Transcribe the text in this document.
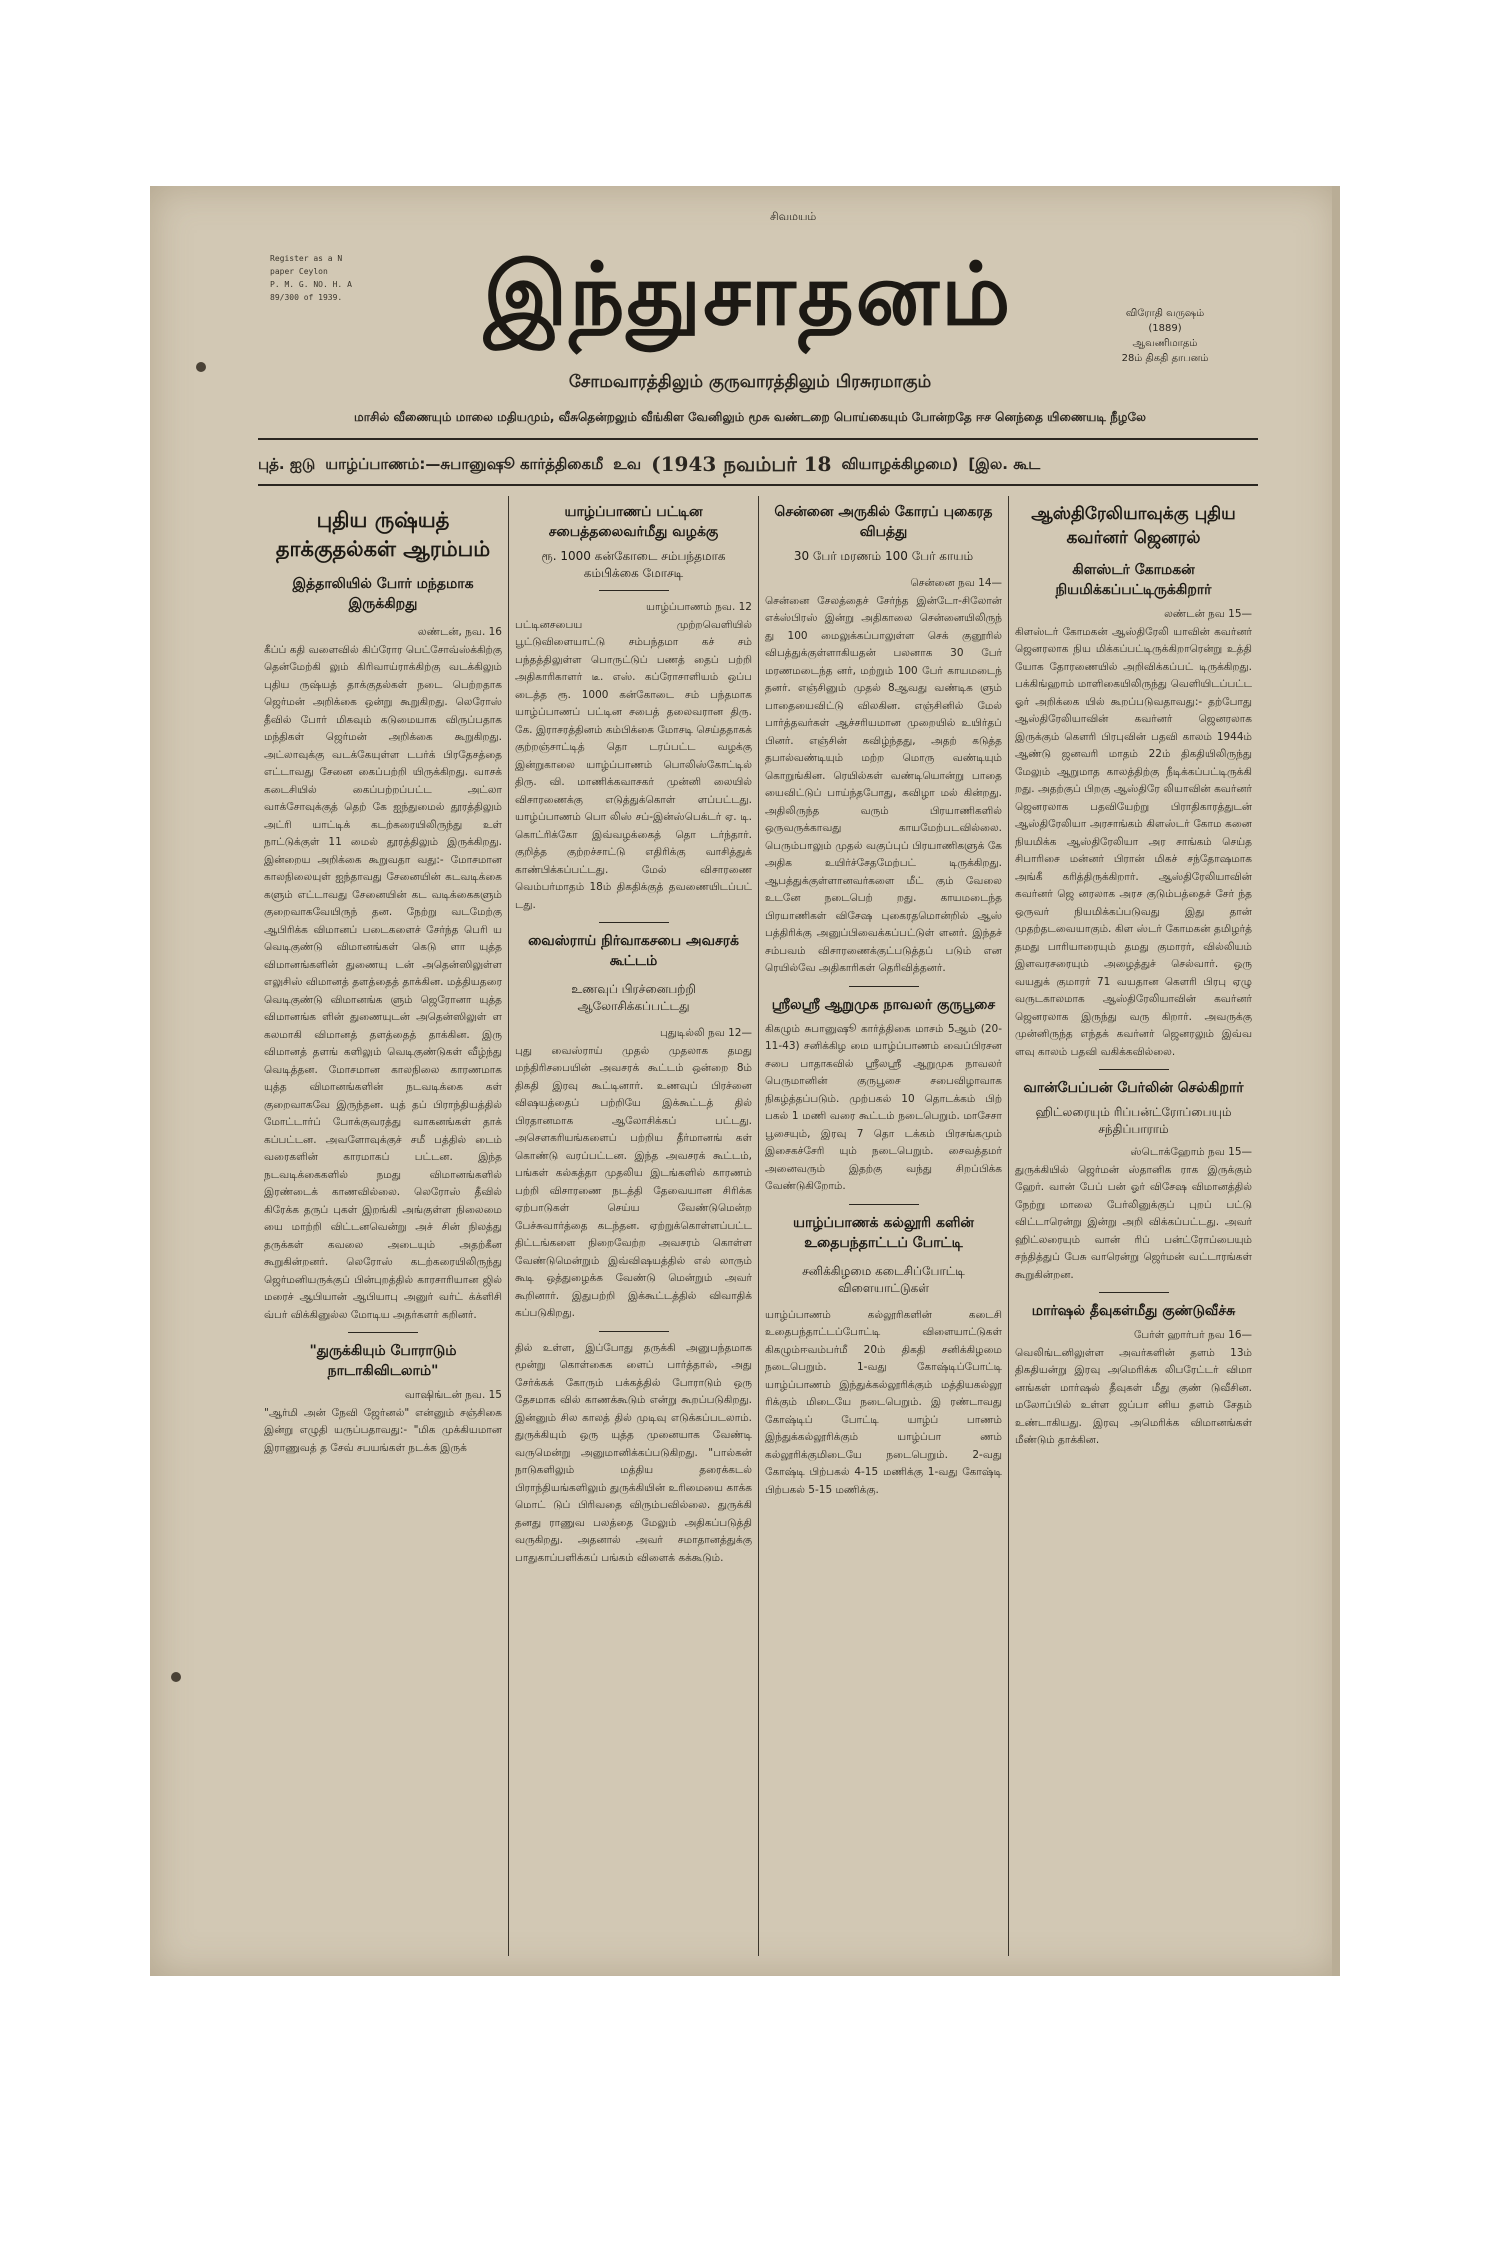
Register as a N
paper Ceylon
P. M. G. NO. H. A
89/300 of 1939.
சிவமயம்
இந்துசாதனம்	விரோதி வருஷம்
(1889)
ஆவணிமாதம்
28ம் திகதி தாபனம்
சோமவாரத்திலும் குருவாரத்திலும் பிரசுரமாகும்
மாசில் வீணையும் மாலை மதியமும், வீசுதென்றலும் வீங்கிள வேனிலும் மூசு வண்டறை பொய்கையும் போன்றதே ஈச னெந்தை யிணையடி நீழலே
புத். ஐடு யாழ்ப்பாணம்:—சுபானுஷூ கார்த்திகைமீ உவ (1943 நவம்பர் 18 வியாழக்கிழமை) [இல. கூட
புதிய ருஷ்யத் தாக்குதல்கள் ஆரம்பம்
இத்தாலியில் போர் மந்தமாக இருக்கிறது
லண்டன், நவ. 16
கீப்ப் கதி வளைவில் கிப்ரோர பெட்சோவ்ஸ்க்கிற்கு தென்மேற்கி லும் கிரிவாய்ராக்கிற்கு வடக்கிலும் புதிய ருஷ்யத் தாக்குதல்கள் நடை பெற்றதாக ஜெர்மன் அறிக்கை ஒன்று கூறுகிறது. லெரோஸ் தீவில் போர் மிகவும் கடுமையாக விருப்பதாக மந்திகள் ஜெர்மன் அறிக்கை கூறுகிறது. அட்லாவுக்கு வடக்கேயுள்ள டபர்க் பிரதேசத்தை எட்டாவது சேனை கைப்பற்றி யிருக்கிறது. வாசக் கடைசியில் கைப்பற்றப்பட்ட அட்லா வாக்சோவுக்குத் தெற் கே ஐந்துமைல் தூரத்திலும் அட்ரி யாட்டிக் கடற்கரையிலிருந்து உள் நாட்டுக்குள் 11 மைல் தூரத்திலும் இருக்கிறது. இன்றைய அறிக்கை கூறுவதா வது:- மோசமான காலநிலையுள் ஐந்தாவது சேனையின் கடவடிக்கை களும் எட்டாவது சேனையின் கட வடிக்கைகளும் குறைவாகவேயிருந் தன. நேற்று வடமேற்கு ஆபிரிக்க விமானப் படைகளைச் சேர்ந்த பெரி ய வெடிகுண்டு விமானங்கள் கெடு ளா யுத்த விமானங்களின் துணையு டன் அதென்ஸிலுள்ள எலுசிஸ் விமானத் தளத்தைத் தாக்கின. மத்தியதரை வெடிகுண்டு விமானங்க ளும் ஜெரோனா யுத்த விமானங்க ளின் துணையுடன் அதென்ஸிலுள் ள கலமாகி விமானத் தளத்தைத் தாக்கின. இரு விமானத் தளங் களிலும் வெடிகுண்டுகள் வீழ்ந்து வெடித்தன. மோசமான காலநிலை காரணமாக யுத்த விமானங்களின் நடவடிக்கை கள் குறைவாகவே இருந்தன. யுத் தப் பிராந்தியத்தில் மோட்டார்ப் போக்குவரத்து வாகனங்கள் தாக் கப்பட்டன. அவளோவுக்குச் சமீ பத்தில் டைம் வரைகளின் காரமாகப் பட்டன. இந்த நடவடிக்கைகளில் நமது விமானங்களில் இரண்டைக் காணவில்லை. லெரோஸ் தீவில் கிரேக்க தருப் புகள் இறங்கி அங்குள்ள நிலைமை யை மாற்றி விட்டனவென்று அச் சின் நிலத்து தருக்கள் கவலை அடையும் அதற்கீன கூறுகின்றனர். லெரோஸ் கடற்கரையிலிருந்து ஜெர்மனியருக்குப் பின்புறத்தில் காரசாரியான ஜில் மரைச் ஆபியான் ஆபியாபு அனுர் வர்ட் க்க்ளிசி வ்பர் விக்கினுல்ல மோடிய அதர்களர் கறினர்.
"துருக்கியும் போராடும் நாடாகிவிடலாம்"
வாஷிங்டன் நவ. 15
"ஆர்மி அன் நேவி ஜேர்னல்" என்னும் சஞ்சிகை இன்று எழுதி யருப்பதாவது:- "மிக முக்கியமான இராணுவத் த சேவ் சபயங்கள் நடக்க இருக்
யாழ்ப்பாணப் பட்டின சபைத்தலைவர்மீது வழக்கு
ரூ. 1000 கன்கோடை சம்பந்தமாக கம்பிக்கை மோசடி
யாழ்ப்பாணம் நவ. 12
பட்டினசபைய முற்றவெளியில் பூட்டுவிளையாட்டு சம்பந்தமா கச் சம் பந்தத்திலுள்ள பொருட்டுப் பணத் தைப் பற்றி அதிகாரிகாளர் டீ. எஸ். கப்ரோசாளியம் ஒப்ப டைத்த ரூ. 1000 கன்கோடை சம் பந்தமாக யாழ்ப்பாணப் பட்டின சபைத் தலைவரான திரு. கே. இராசரத்தினம் கம்பிக்கை மோசடி செய்ததாகக் குற்றஞ்சாட்டித் தொ டரப்பட்ட வழக்கு இன்றுகாலை யாழ்ப்பாணம் பொலிஸ்கோட்டில் திரு. வி. மாணிக்கவாசகர் முன்னி லையில் விசாரணைக்கு எடுத்துக்கொள் ளப்பட்டது. யாழ்ப்பாணம் பொ லிஸ் சப்-இன்ஸ்பெக்டர் ஏ. டி. கொட்ரிக்கோ இவ்வழக்கைத் தொ டர்ந்தார். குறித்த குற்றச்சாட்டு எதிரிக்கு வாசித்துக் காண்பிக்கப்பட்டது. மேல் விசாரணை வெம்பர்மாதம் 18ம் திகதிக்குத் தவணையிடப்பட் டது.
வைஸ்ராய் நிர்வாகசபை அவசரக் கூட்டம்
உணவுப் பிரச்னைபற்றி ஆலோசிக்கப்பட்டது
புதுடில்லி நவ 12—
புது வைஸ்ராய் முதல் முதலாக தமது மந்திரிசபையின் அவசரக் கூட்டம் ஒன்றை 8ம் திகதி இரவு கூட்டினார். உணவுப் பிரச்னை விஷயத்தைப் பற்றியே இக்கூட்டத் தில் பிரதானமாக ஆலோசிக்கப் பட்டது. அசௌகரியங்களைப் பற்றிய தீர்மானங் கள் கொண்டு வரப்பட்டன. இந்த அவசரக் கூட்டம், பங்கள் கல்கத்தா முதலிய இடங்களில் காரணம் பற்றி விசாரணை நடத்தி தேவையான சிரிக்க ஏற்பாடுகள் செய்ய வேண்டுமென்ற பேச்சுவார்த்தை கடந்தன. ஏற்றுக்கொள்ளப்பட்ட திட்டங்களை நிறைவேற்ற அவசரம் கொள்ள வேண்டுமென்றும் இவ்விஷயத்தில் எல் லாரும் கூடி ஒத்துழைக்க வேண்டு மென்றும் அவர் கூறினார். இதுபற்றி இக்கூட்டத்தில் விவாதிக் கப்படுகிறது.
தில் உள்ள, இப்போது தருக்கி அனுபந்தமாக மூன்று கொள்கைக ளைப் பார்த்தால், அது சேர்க்கக் கோரும் பக்கத்தில் போராடும் ஒரு தேசமாக வில் காணக்கூடும் என்று கூறப்படுகிறது. இன்னும் சில காலத் தில் முடிவு எடுக்கப்படலாம். துருக்கியும் ஒரு யுத்த முனையாக வேண்டி வருமென்று அனுமானிக்கப்படுகிறது. "பால்கன் நாடுகளிலும் மத்திய தரைக்கடல் பிராந்தியங்களிலும் துருக்கியின் உரிமையை காக்க மொட் டுப் பிரிவதை விரும்பவில்லை. துருக்கி தனது ராணுவ பலத்தை மேலும் அதிகப்படுத்தி வருகிறது. அதனால் அவர் சமாதானத்துக்கு பாதுகாப்பளிக்கப் பங்கம் விளைக் கக்கூடும்.
சென்னை அருகில் கோரப் புகைரத விபத்து
30 பேர் மரணம் 100 பேர் காயம்
சென்னை நவ 14—
சென்னை சேலத்தைச் சேர்ந்த இன்டோ-சிலோன் எக்ஸ்பிரஸ் இன்று அதிகாலை சென்னையிலிருந் து 100 மைலுக்கப்பாலுள்ள செக் குனூரில் விபத்துக்குள்ளாகியதன் பலனாக 30 பேர் மரணமடைந்த னர், மற்றும் 100 பேர் காயமடைந் தனர். எஞ்சினும் முதல் 8ஆவது வண்டிக ளும் பாதையைவிட்டு விலகின. எஞ்சினில் மேல் பார்த்தவர்கள் ஆச்சரியமான முறையில் உயிர்தப் பினர். எஞ்சின் கவிழ்ந்தது, அதற் கடுத்த தபால்வண்டியும் மற்ற மொரு வண்டியும் கொறுங்கின. ரெயில்கள் வண்டியொன்று பாதை யைவிட்டுப் பாய்ந்தபோது, கவிழா மல் கின்றது. அதிலிருந்த வரும் பிரயாணிகளில் ஒருவருக்காவது காயமேற்படவில்லை. பெரும்பாலும் முதல் வகுப்புப் பிரயாணிகளுக் கே அதிக உயிர்ச்சேதமேற்பட் டிருக்கிறது. ஆபத்துக்குள்ளானவர்களை மீட் கும் வேலை உடனே நடைபெற் றது. காயமடைந்த பிரயாணிகள் விசேஷ புகைரதமொன்றில் ஆஸ் பத்திரிக்கு அனுப்பிவைக்கப்பட்டுள் ளனர். இந்தச் சம்பவம் விசாரணைக்குட்படுத்தப் படும் என ரெயில்வே அதிகாரிகள் தெரிவித்தனர்.
ஸ்ரீலஸ்ரீ ஆறுமுக நாவலர் குருபூசை
கிகழும் சுபானுஷூ கார்த்திகை மாசம் 5ஆம் (20-11-43) சனிக்கிழ மை யாழ்ப்பாணம் வைப்பிரசன சபை பாதாகவில் ஸ்ரீலஸ்ரீ ஆறுமுக நாவலர் பெருமானின் குருபூசை சபைவிழாவாக நிகழ்த்தப்படும். முற்பகல் 10 தொடக்கம் பிற் பகல் 1 மணி வரை கூட்டம் நடைபெறும். மாசேசா பூசையும், இரவு 7 தொ டக்கம் பிரசங்கமும் இசைகச்சேரி யும் நடைபெறும். சைவத்தமர் அனைவரும் இதற்கு வந்து சிறப்பிக்க வேண்டுகிறோம்.
யாழ்ப்பாணக் கல்லூரி களின் உதைபந்தாட்டப் போட்டி
சனிக்கிழமை கடைசிப்போட்டி விளையாட்டுகள்
யாழ்ப்பாணம் கல்லூரிகளின் கடைசி உதைபந்தாட்டப்போட்டி விளையாட்டுகள் கிகழும்ஈவம்பர்மீ 20ம் திகதி சனிக்கிழமை நடைபெறும். 1-வது கோஷ்டிப்போட்டி யாழ்ப்பாணம் இந்துக்கல்லூரிக்கும் மத்தியகல்லூ ரிக்கும் மிடையே நடைபெறும். இ ரண்டாவது கோஷ்டிப் போட்டி யாழ்ப் பாணம் இந்துக்கல்லூரிக்கும் யாழ்ப்பா ணம் கல்லூரிக்குமிடையே நடைபெறும். 2-வது கோஷ்டி பிற்பகல் 4-15 மணிக்கு 1-வது கோஷ்டி பிற்பகல் 5-15 மணிக்கு.
ஆஸ்திரேலியாவுக்கு புதிய கவர்னர் ஜெனரல்
கிளஸ்டர் கோமகன் நியமிக்கப்பட்டிருக்கிறார்
லண்டன் நவ 15—
கிளஸ்டர் கோமகன் ஆஸ்திரேலி யாவின் கவர்னர் ஜெனரலாக நிய மிக்கப்பட்டிருக்கிறாரென்று உத்தி யோக தோரணையில் அறிவிக்கப்பட் டிருக்கிறது. பக்கிங்ஹாம் மாளிகையிலிருந்து வெளியிடப்பட்ட ஓர் அறிக்கை யில் கூறப்படுவதாவது:- தற்போது ஆஸ்திரேலியாவின் கவர்னர் ஜெனரலாக இருக்கும் கௌரி பிரபுவின் பதவி காலம் 1944ம் ஆண்டு ஜனவரி மாதம் 22ம் திகதியிலிருந்து மேலும் ஆறுமாத காலத்திற்கு நீடிக்கப்பட்டிருக்கி றது. அதற்குப் பிறகு ஆஸ்திரே லியாவின் கவர்னர் ஜெனரலாக பதவியேற்று பிராதிகாரத்துடன் ஆஸ்திரேலியா அரசாங்கம் கிளஸ்டர் கோம கனை நியமிக்க ஆஸ்திரேலியா அர சாங்கம் செய்த சிபாரிசை மன்னர் பிரான் மிகச் சந்தோஷமாக அங்கீ கரித்திருக்கிறார். ஆஸ்திரேலியாவின் கவர்னர் ஜெ னரலாக அரச குடும்பத்தைச் சேர் ந்த ஒருவர் நியமிக்கப்படுவது இது தான் முதற்தடவையாகும். கிள ஸ்டர் கோமகன் தமிழர்த் தமது பாரியாரையும் தமது குமாரர், வில்லியம் இளவரசரையும் அழைத்துச் செல்வார். ஒரு வயதுக் குமாரர் 71 வயதான கௌரி பிரபு ஏழு வருடகாலமாக ஆஸ்திரேலியாவின் கவர்னர் ஜெனரலாக இருந்து வரு கிறார். அவருக்கு முன்னிருந்த எந்தக் கவர்னர் ஜெனரலும் இவ்வ ளவு காலம் பதவி வகிக்கவில்லை.
வான்பேப்பன் பேர்லின் செல்கிறார்
ஹிட்லரையும் ரிப்பன்ட்ரோப்பையும் சந்திப்பாராம்
ஸ்டொக்ஹோம் நவ 15—
துருக்கியில் ஜெர்மன் ஸ்தானிக ராக இருக்கும் ஹேர். வான் பேப் பன் ஓர் விசேஷ விமானத்தில் நேற்று மாலை பேர்லினுக்குப் புறப் பட்டு விட்டாரென்று இன்று அறி விக்கப்பட்டது. அவர் ஹிட்லரையும் வான் ரிப் பன்ட்ரோப்பையும் சந்தித்துப் பேசு வாரென்று ஜெர்மன் வட்டாரங்கள் கூறுகின்றன.
மார்ஷல் தீவுகள்மீது குண்டுவீச்சு
பேர்ள் ஹார்பர் நவ 16—
வெலிங்டனிலுள்ள அவர்களின் தளம் 13ம் திகதியன்று இரவு அமெரிக்க லிபரேட்டர் விமா னங்கள் மார்ஷல் தீவுகள் மீது குண் டுவீசின. மலோப்பில் உள்ள ஜப்பா னிய தளம் சேதம் உண்டாகியது. இரவு அமெரிக்க விமானங்கள் மீண்டும் தாக்கின.
